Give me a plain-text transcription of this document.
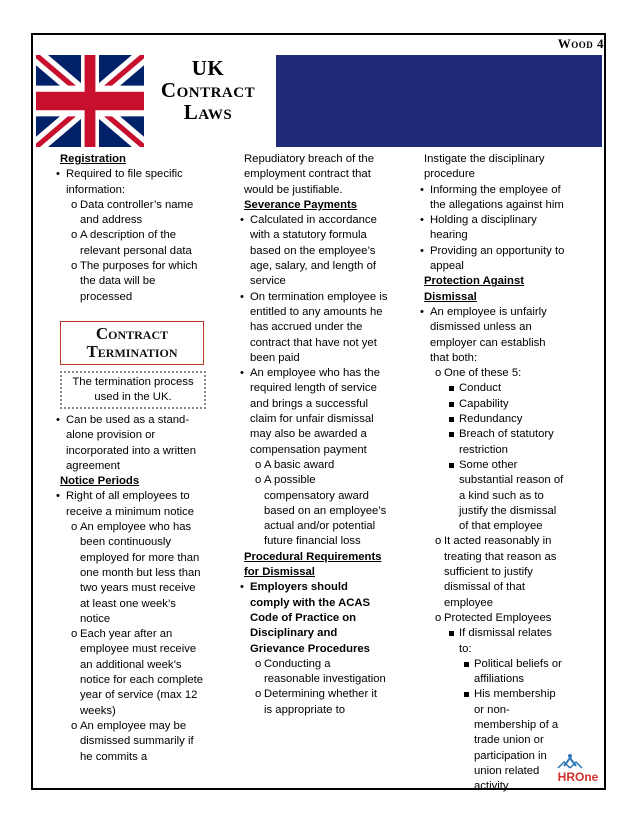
Wood 4
UK
Contract
Laws
Registration
• Required to file specific information:
o Data controller’s name and address
o A description of the relevant personal data
o The purposes for which the data will be processed
Contract Termination
The termination process used in the UK.
• Can be used as a stand-alone provision or incorporated into a written agreement
Notice Periods
• Right of all employees to receive a minimum notice
o An employee who has been continuously employed for more than one month but less than two years must receive at least one week’s notice
o Each year after an employee must receive an additional week’s notice for each complete year of service (max 12 weeks)
o An employee may be dismissed summarily if he commits a
Repudiatory breach of the employment contract that would be justifiable.
Severance Payments
• Calculated in accordance with a statutory formula based on the employee’s age, salary, and length of service
• On termination employee is entitled to any amounts he has accrued under the contract that have not yet been paid
• An employee who has the required length of service and brings a successful claim for unfair dismissal may also be awarded a compensation payment
o A basic award
o A possible compensatory award based on an employee’s actual and/or potential future financial loss
Procedural Requirements for Dismissal
• Employers should comply with the ACAS Code of Practice on Disciplinary and Grievance Procedures
o Conducting a reasonable investigation
o Determining whether it is appropriate to
Instigate the disciplinary procedure
• Informing the employee of the allegations against him
• Holding a disciplinary hearing
• Providing an opportunity to appeal
Protection Against Dismissal
• An employee is unfairly dismissed unless an employer can establish that both:
o One of these 5:
Conduct
Capability
Redundancy
Breach of statutory restriction
Some other substantial reason of a kind such as to justify the dismissal of that employee
o It acted reasonably in treating that reason as sufficient to justify dismissal of that employee
o Protected Employees
If dismissal relates to:
Political beliefs or affiliations
His membership or non-membership of a trade union or participation in union related activity
HROne
